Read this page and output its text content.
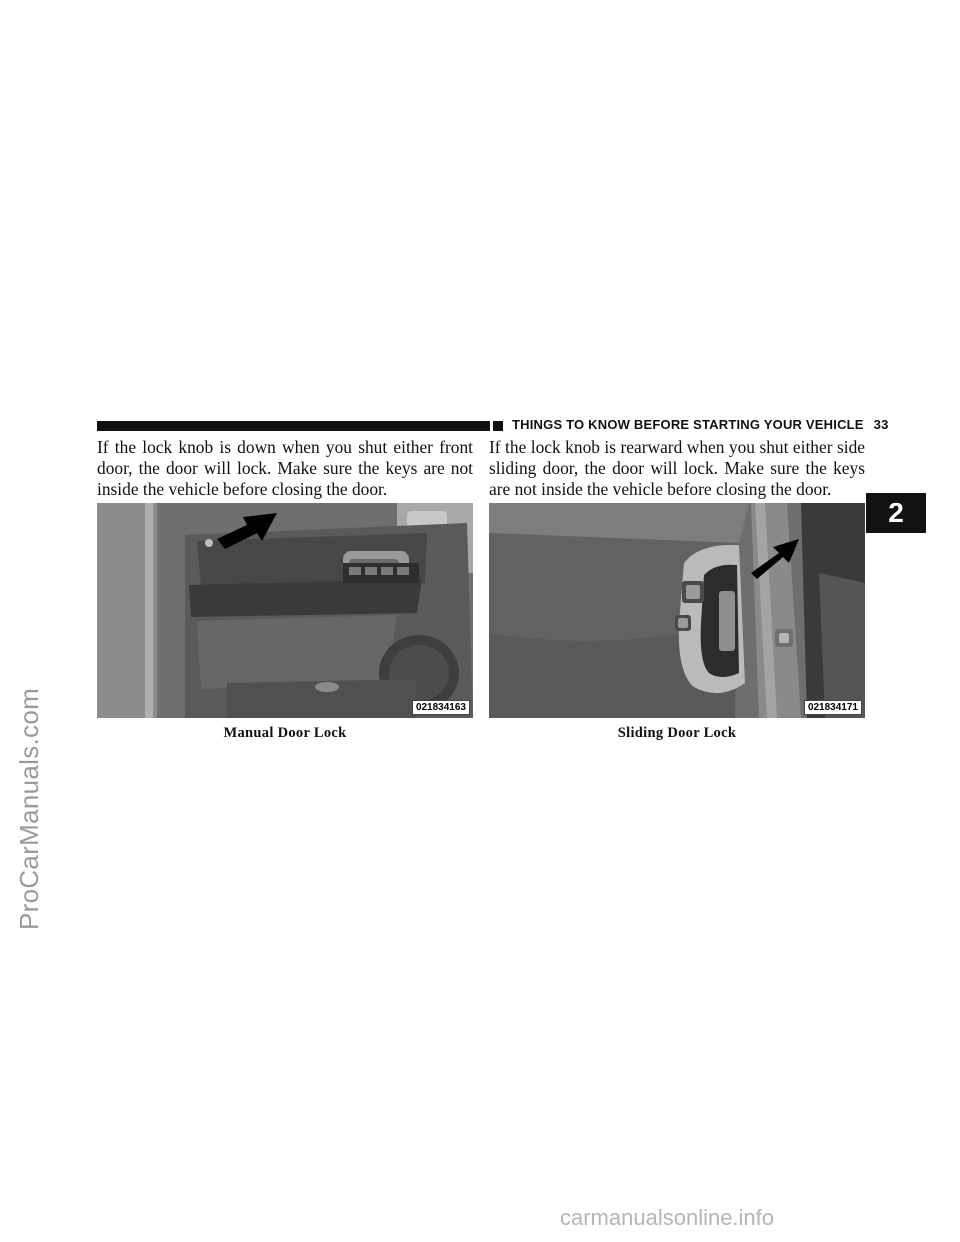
ProCarManuals.com
THINGS TO KNOW BEFORE STARTING YOUR VEHICLE 33
2
If the lock knob is down when you shut either front door, the door will lock. Make sure the keys are not inside the vehicle before closing the door.
If the lock knob is rearward when you shut either side sliding door, the door will lock. Make sure the keys are not inside the vehicle before closing the door.
021834163
Manual Door Lock
021834171
Sliding Door Lock
carmanualsonline.info
